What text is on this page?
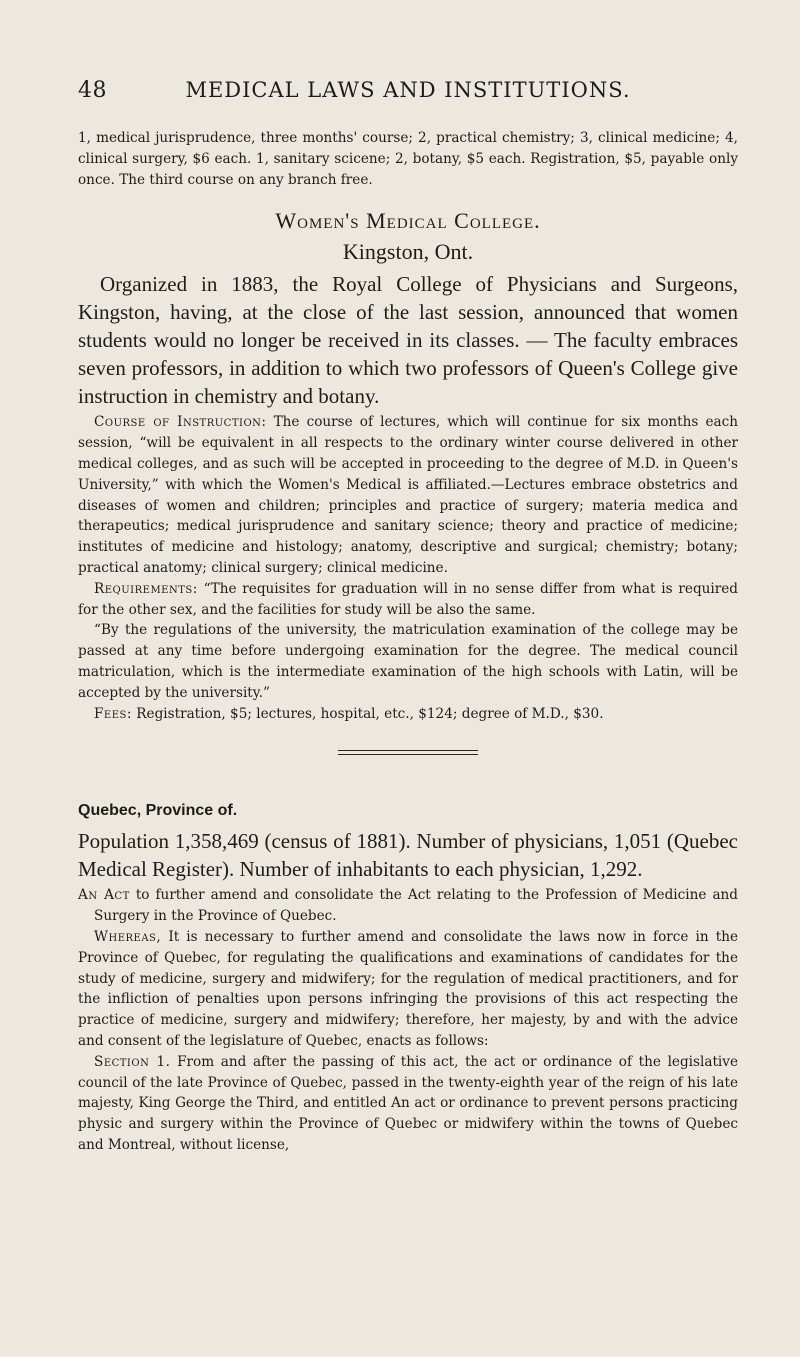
48	MEDICAL LAWS AND INSTITUTIONS.

1, medical jurisprudence, three months' course; 2, practical chemistry; 3, clinical medicine; 4, clinical surgery, $6 each. 1, sanitary scicene; 2, botany, $5 each. Registration, $5, payable only once. The third course on any branch free.

Women's Medical College.
Kingston, Ont.

Organized in 1883, the Royal College of Physicians and Surgeons, Kingston, having, at the close of the last session, announced that women students would no longer be received in its classes. — The faculty embraces seven professors, in addition to which two professors of Queen's College give instruction in chemistry and botany.

Course of Instruction: The course of lectures, which will continue for six months each session, “will be equivalent in all respects to the ordinary winter course delivered in other medical colleges, and as such will be accepted in proceeding to the degree of M.D. in Queen's University,” with which the Women's Medical is affiliated.—Lectures embrace obstetrics and diseases of women and children; principles and practice of surgery; materia medica and therapeutics; medical jurisprudence and sanitary science; theory and practice of medicine; institutes of medicine and histology; anatomy, descriptive and surgical; chemistry; botany; practical anatomy; clinical surgery; clinical medicine.

Requirements: “The requisites for graduation will in no sense differ from what is required for the other sex, and the facilities for study will be also the same.

“By the regulations of the university, the matriculation examination of the college may be passed at any time before undergoing examination for the degree. The medical council matriculation, which is the intermediate examination of the high schools with Latin, will be accepted by the university.”

Fees: Registration, $5; lectures, hospital, etc., $124; degree of M.D., $30.

Quebec, Province of.

Population 1,358,469 (census of 1881). Number of physicians, 1,051 (Quebec Medical Register). Number of inhabitants to each physician, 1,292.

An Act to further amend and consolidate the Act relating to the Profession of Medicine and Surgery in the Province of Quebec.

Whereas, It is necessary to further amend and consolidate the laws now in force in the Province of Quebec, for regulating the qualifications and examinations of candidates for the study of medicine, surgery and midwifery; for the regulation of medical practitioners, and for the infliction of penalties upon persons infringing the provisions of this act respecting the practice of medicine, surgery and midwifery; therefore, her majesty, by and with the advice and consent of the legislature of Quebec, enacts as follows:

Section 1. From and after the passing of this act, the act or ordinance of the legislative council of the late Province of Quebec, passed in the twenty-eighth year of the reign of his late majesty, King George the Third, and entitled An act or ordinance to prevent persons practicing physic and surgery within the Province of Quebec or midwifery within the towns of Quebec and Montreal, without license,
